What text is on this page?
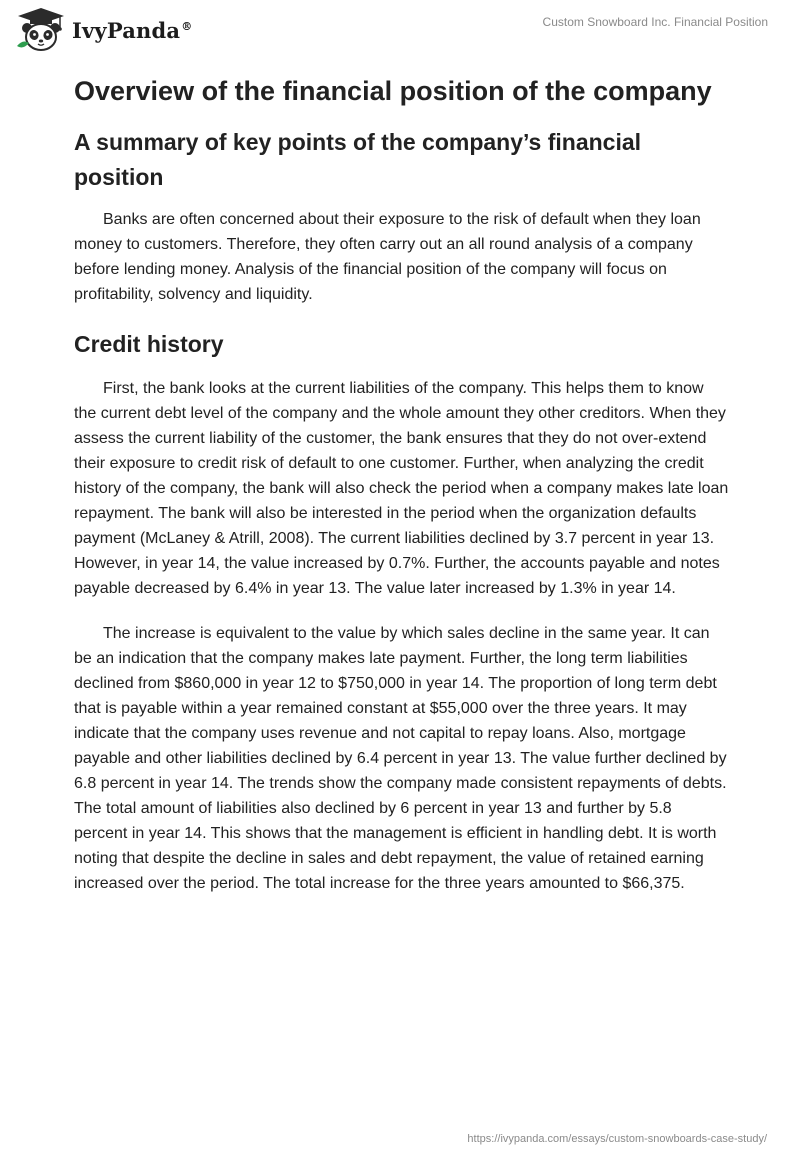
IvyPanda®	Custom Snowboard Inc. Financial Position
Overview of the financial position of the company
A summary of key points of the company’s financial position

Banks are often concerned about their exposure to the risk of default when they loan money to customers. Therefore, they often carry out an all round analysis of a company before lending money. Analysis of the financial position of the company will focus on profitability, solvency and liquidity.

Credit history

First, the bank looks at the current liabilities of the company. This helps them to know the current debt level of the company and the whole amount they other creditors. When they assess the current liability of the customer, the bank ensures that they do not over-extend their exposure to credit risk of default to one customer. Further, when analyzing the credit history of the company, the bank will also check the period when a company makes late loan repayment. The bank will also be interested in the period when the organization defaults payment (McLaney & Atrill, 2008). The current liabilities declined by 3.7 percent in year 13. However, in year 14, the value increased by 0.7%. Further, the accounts payable and notes payable decreased by 6.4% in year 13. The value later increased by 1.3% in year 14.

The increase is equivalent to the value by which sales decline in the same year. It can be an indication that the company makes late payment. Further, the long term liabilities declined from $860,000 in year 12 to $750,000 in year 14. The proportion of long term debt that is payable within a year remained constant at $55,000 over the three years. It may indicate that the company uses revenue and not capital to repay loans. Also, mortgage payable and other liabilities declined by 6.4 percent in year 13. The value further declined by 6.8 percent in year 14. The trends show the company made consistent repayments of debts. The total amount of liabilities also declined by 6 percent in year 13 and further by 5.8 percent in year 14. This shows that the management is efficient in handling debt. It is worth noting that despite the decline in sales and debt repayment, the value of retained earning increased over the period. The total increase for the three years amounted to $66,375.

https://ivypanda.com/essays/custom-snowboards-case-study/
